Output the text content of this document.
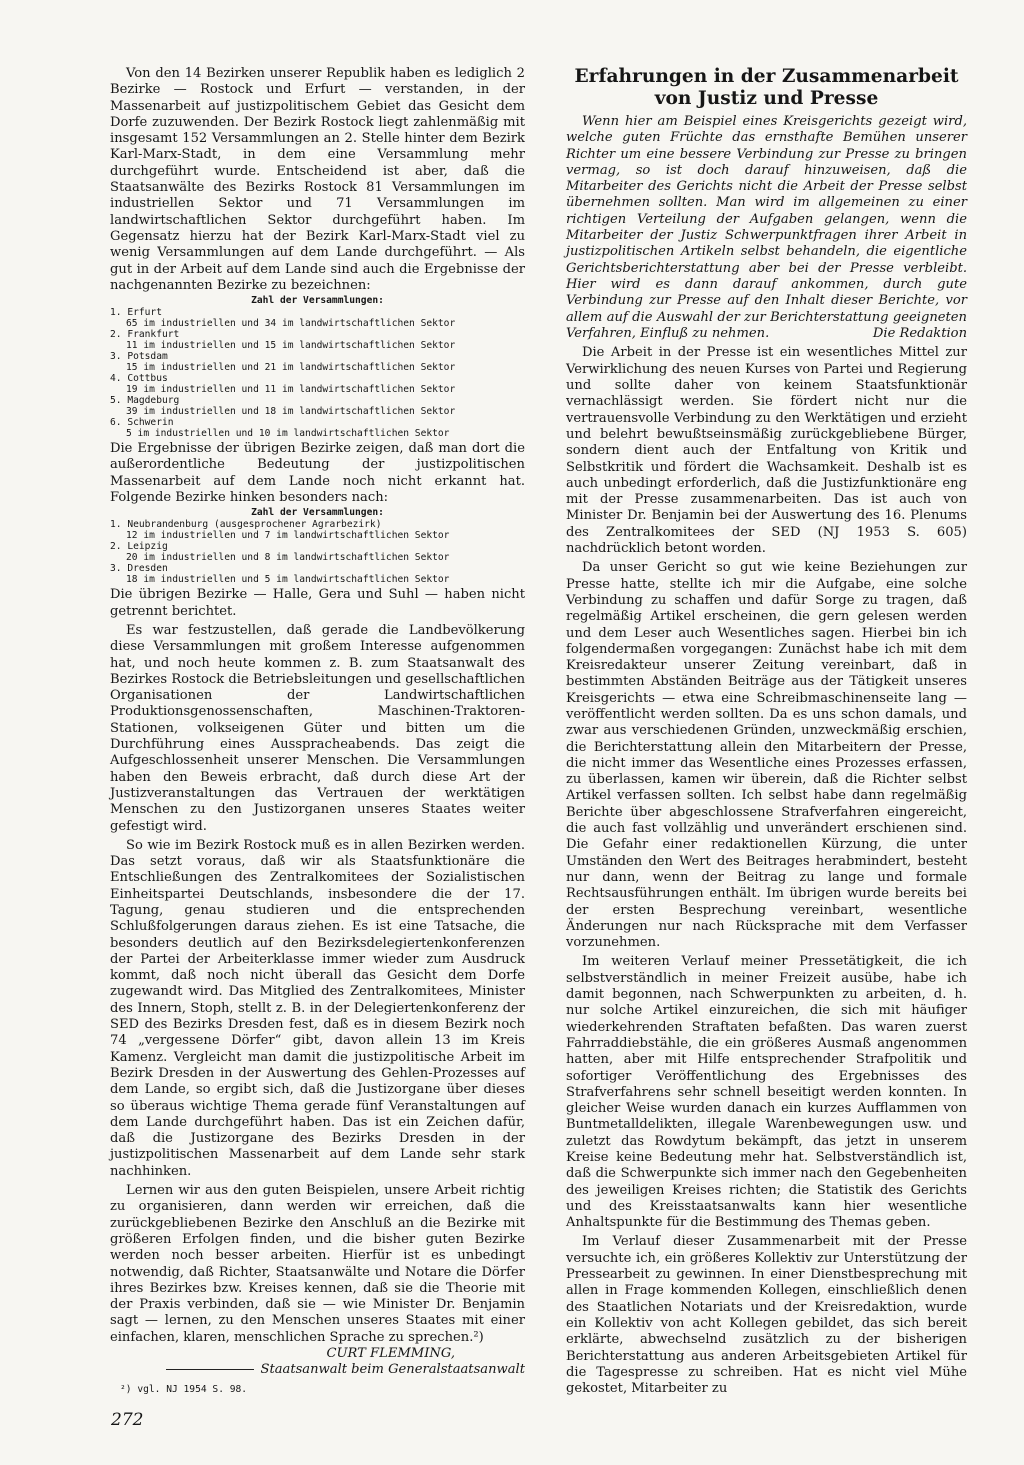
Von den 14 Bezirken unserer Republik haben es lediglich 2 Bezirke — Rostock und Erfurt — verstanden, in der Massenarbeit auf justizpolitischem Gebiet das Gesicht dem Dorfe zuzuwenden. Der Bezirk Rostock liegt zahlenmäßig mit insgesamt 152 Versammlungen an 2. Stelle hinter dem Bezirk Karl-Marx-Stadt, in dem eine Versammlung mehr durchgeführt wurde. Entscheidend ist aber, daß die Staatsanwälte des Bezirks Rostock 81 Versammlungen im industriellen Sektor und 71 Versammlungen im landwirtschaftlichen Sektor durchgeführt haben. Im Gegensatz hierzu hat der Bezirk Karl-Marx-Stadt viel zu wenig Versammlungen auf dem Lande durchgeführt. — Als gut in der Arbeit auf dem Lande sind auch die Ergebnisse der nachgenannten Bezirke zu bezeichnen:

Zahl der Versammlungen:
1. Erfurt
65 im industriellen und 34 im landwirtschaftlichen Sektor
2. Frankfurt
11 im industriellen und 15 im landwirtschaftlichen Sektor
3. Potsdam
15 im industriellen und 21 im landwirtschaftlichen Sektor
4. Cottbus
19 im industriellen und 11 im landwirtschaftlichen Sektor
5. Magdeburg
39 im industriellen und 18 im landwirtschaftlichen Sektor
6. Schwerin
5 im industriellen und 10 im landwirtschaftlichen Sektor

Die Ergebnisse der übrigen Bezirke zeigen, daß man dort die außerordentliche Bedeutung der justizpolitischen Massenarbeit auf dem Lande noch nicht erkannt hat. Folgende Bezirke hinken besonders nach:

Zahl der Versammlungen:
1. Neubrandenburg (ausgesprochener Agrarbezirk)
12 im industriellen und 7 im landwirtschaftlichen Sektor
2. Leipzig
20 im industriellen und 8 im landwirtschaftlichen Sektor
3. Dresden
18 im industriellen und 5 im landwirtschaftlichen Sektor

Die übrigen Bezirke — Halle, Gera und Suhl — haben nicht getrennt berichtet.

Es war festzustellen, daß gerade die Landbevölkerung diese Versammlungen mit großem Interesse aufgenommen hat, und noch heute kommen z. B. zum Staatsanwalt des Bezirkes Rostock die Betriebsleitungen und gesellschaftlichen Organisationen der Landwirtschaftlichen Produktionsgenossenschaften, Maschinen-Traktoren-Stationen, volkseigenen Güter und bitten um die Durchführung eines Ausspracheabends. Das zeigt die Aufgeschlossenheit unserer Menschen. Die Versammlungen haben den Beweis erbracht, daß durch diese Art der Justizveranstaltungen das Vertrauen der werktätigen Menschen zu den Justizorganen unseres Staates weiter gefestigt wird.

So wie im Bezirk Rostock muß es in allen Bezirken werden. Das setzt voraus, daß wir als Staatsfunktionäre die Entschließungen des Zentralkomitees der Sozialistischen Einheitspartei Deutschlands, insbesondere die der 17. Tagung, genau studieren und die entsprechenden Schlußfolgerungen daraus ziehen. Es ist eine Tatsache, die besonders deutlich auf den Bezirksdelegiertenkonferenzen der Partei der Arbeiterklasse immer wieder zum Ausdruck kommt, daß noch nicht überall das Gesicht dem Dorfe zugewandt wird. Das Mitglied des Zentralkomitees, Minister des Innern, Stoph, stellt z. B. in der Delegiertenkonferenz der SED des Bezirks Dresden fest, daß es in diesem Bezirk noch 74 „vergessene Dörfer“ gibt, davon allein 13 im Kreis Kamenz. Vergleicht man damit die justizpolitische Arbeit im Bezirk Dresden in der Auswertung des Gehlen-Prozesses auf dem Lande, so ergibt sich, daß die Justizorgane über dieses so überaus wichtige Thema gerade fünf Veranstaltungen auf dem Lande durchgeführt haben. Das ist ein Zeichen dafür, daß die Justizorgane des Bezirks Dresden in der justizpolitischen Massenarbeit auf dem Lande sehr stark nachhinken.

Lernen wir aus den guten Beispielen, unsere Arbeit richtig zu organisieren, dann werden wir erreichen, daß die zurückgebliebenen Bezirke den Anschluß an die Bezirke mit größeren Erfolgen finden, und die bisher guten Bezirke werden noch besser arbeiten. Hierfür ist es unbedingt notwendig, daß Richter, Staatsanwälte und Notare die Dörfer ihres Bezirkes bzw. Kreises kennen, daß sie die Theorie mit der Praxis verbinden, daß sie — wie Minister Dr. Benjamin sagt — lernen, zu den Menschen unseres Staates mit einer einfachen, klaren, menschlichen Sprache zu sprechen.²)

CURT FLEMMING,
Staatsanwalt beim Generalstaatsanwalt
²) vgl. NJ 1954 S. 98.
Erfahrungen in der Zusammenarbeit
von Justiz und Presse

Wenn hier am Beispiel eines Kreisgerichts gezeigt wird, welche guten Früchte das ernsthafte Bemühen unserer Richter um eine bessere Verbindung zur Presse zu bringen vermag, so ist doch darauf hinzuweisen, daß die Mitarbeiter des Gerichts nicht die Arbeit der Presse selbst übernehmen sollten. Man wird im allgemeinen zu einer richtigen Verteilung der Aufgaben gelangen, wenn die Mitarbeiter der Justiz Schwerpunktfragen ihrer Arbeit in justizpolitischen Artikeln selbst behandeln, die eigentliche Gerichtsberichterstattung aber bei der Presse verbleibt. Hier wird es dann darauf ankommen, durch gute Verbindung zur Presse auf den Inhalt dieser Berichte, vor allem auf die Auswahl der zur Berichterstattung geeigneten Verfahren, Einfluß zu nehmen.	Die Redaktion

Die Arbeit in der Presse ist ein wesentliches Mittel zur Verwirklichung des neuen Kurses von Partei und Regierung und sollte daher von keinem Staatsfunktionär vernachlässigt werden. Sie fördert nicht nur die vertrauensvolle Verbindung zu den Werktätigen und erzieht und belehrt bewußtseinsmäßig zurückgebliebene Bürger, sondern dient auch der Entfaltung von Kritik und Selbstkritik und fördert die Wachsamkeit. Deshalb ist es auch unbedingt erforderlich, daß die Justizfunktionäre eng mit der Presse zusammenarbeiten. Das ist auch von Minister Dr. Benjamin bei der Auswertung des 16. Plenums des Zentralkomitees der SED (NJ 1953 S. 605) nachdrücklich betont worden.

Da unser Gericht so gut wie keine Beziehungen zur Presse hatte, stellte ich mir die Aufgabe, eine solche Verbindung zu schaffen und dafür Sorge zu tragen, daß regelmäßig Artikel erscheinen, die gern gelesen werden und dem Leser auch Wesentliches sagen. Hierbei bin ich folgendermaßen vorgegangen: Zunächst habe ich mit dem Kreisredakteur unserer Zeitung vereinbart, daß in bestimmten Abständen Beiträge aus der Tätigkeit unseres Kreisgerichts — etwa eine Schreibmaschinenseite lang — veröffentlicht werden sollten. Da es uns schon damals, und zwar aus verschiedenen Gründen, unzweckmäßig erschien, die Berichterstattung allein den Mitarbeitern der Presse, die nicht immer das Wesentliche eines Prozesses erfassen, zu überlassen, kamen wir überein, daß die Richter selbst Artikel verfassen sollten. Ich selbst habe dann regelmäßig Berichte über abgeschlossene Strafverfahren eingereicht, die auch fast vollzählig und unverändert erschienen sind. Die Gefahr einer redaktionellen Kürzung, die unter Umständen den Wert des Beitrages herabmindert, besteht nur dann, wenn der Beitrag zu lange und formale Rechtsausführungen enthält. Im übrigen wurde bereits bei der ersten Besprechung vereinbart, wesentliche Änderungen nur nach Rücksprache mit dem Verfasser vorzunehmen.

Im weiteren Verlauf meiner Pressetätigkeit, die ich selbstverständlich in meiner Freizeit ausübe, habe ich damit begonnen, nach Schwerpunkten zu arbeiten, d. h. nur solche Artikel einzureichen, die sich mit häufiger wiederkehrenden Straftaten befaßten. Das waren zuerst Fahrraddiebstähle, die ein größeres Ausmaß angenommen hatten, aber mit Hilfe entsprechender Strafpolitik und sofortiger Veröffentlichung des Ergebnisses des Strafverfahrens sehr schnell beseitigt werden konnten. In gleicher Weise wurden danach ein kurzes Aufflammen von Buntmetalldelikten, illegale Warenbewegungen usw. und zuletzt das Rowdytum bekämpft, das jetzt in unserem Kreise keine Bedeutung mehr hat. Selbstverständlich ist, daß die Schwerpunkte sich immer nach den Gegebenheiten des jeweiligen Kreises richten; die Statistik des Gerichts und des Kreisstaatsanwalts kann hier wesentliche Anhaltspunkte für die Bestimmung des Themas geben.

Im Verlauf dieser Zusammenarbeit mit der Presse versuchte ich, ein größeres Kollektiv zur Unterstützung der Pressearbeit zu gewinnen. In einer Dienstbesprechung mit allen in Frage kommenden Kollegen, einschließlich denen des Staatlichen Notariats und der Kreisredaktion, wurde ein Kollektiv von acht Kollegen gebildet, das sich bereit erklärte, abwechselnd zusätzlich zu der bisherigen Berichterstattung aus anderen Arbeitsgebieten Artikel für die Tagespresse zu schreiben. Hat es nicht viel Mühe gekostet, Mitarbeiter zu

272
